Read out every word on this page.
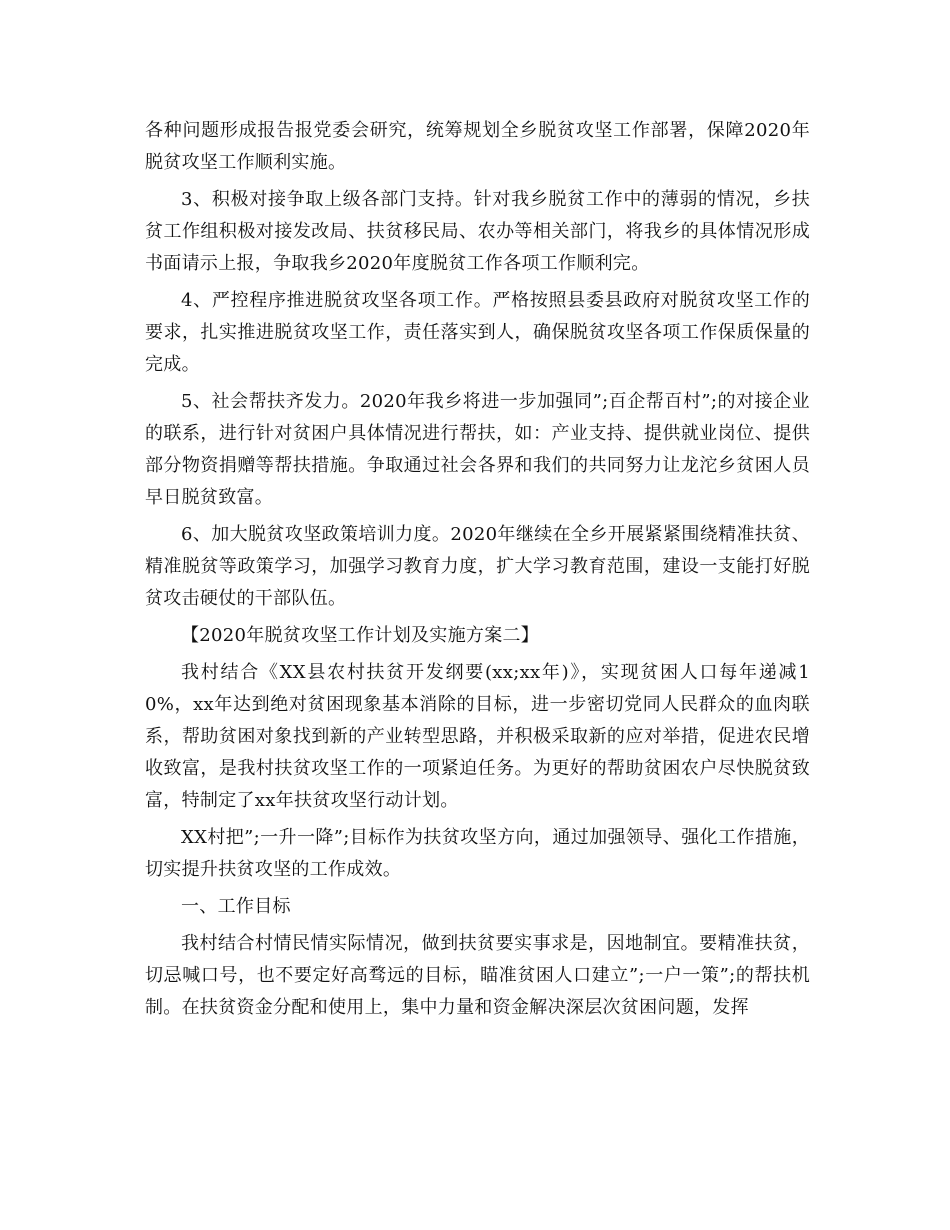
各种问题形成报告报党委会研究，统筹规划全乡脱贫攻坚工作部署，保障2020年脱贫攻坚工作顺利实施。

3、积极对接争取上级各部门支持。针对我乡脱贫工作中的薄弱的情况，乡扶贫工作组积极对接发改局、扶贫移民局、农办等相关部门，将我乡的具体情况形成书面请示上报，争取我乡2020年度脱贫工作各项工作顺利完。

4、严控程序推进脱贫攻坚各项工作。严格按照县委县政府对脱贫攻坚工作的要求，扎实推进脱贫攻坚工作，责任落实到人，确保脱贫攻坚各项工作保质保量的完成。

5、社会帮扶齐发力。2020年我乡将进一步加强同”;百企帮百村”;的对接企业的联系，进行针对贫困户具体情况进行帮扶，如：产业支持、提供就业岗位、提供部分物资捐赠等帮扶措施。争取通过社会各界和我们的共同努力让龙沱乡贫困人员早日脱贫致富。

6、加大脱贫攻坚政策培训力度。2020年继续在全乡开展紧紧围绕精准扶贫、精准脱贫等政策学习，加强学习教育力度，扩大学习教育范围，建设一支能打好脱贫攻击硬仗的干部队伍。

【2020年脱贫攻坚工作计划及实施方案二】

我村结合《XX县农村扶贫开发纲要(xx;xx年)》，实现贫困人口每年递减10%，xx年达到绝对贫困现象基本消除的目标，进一步密切党同人民群众的血肉联系，帮助贫困对象找到新的产业转型思路，并积极采取新的应对举措，促进农民增收致富，是我村扶贫攻坚工作的一项紧迫任务。为更好的帮助贫困农户尽快脱贫致富，特制定了xx年扶贫攻坚行动计划。

XX村把”;一升一降”;目标作为扶贫攻坚方向，通过加强领导、强化工作措施，切实提升扶贫攻坚的工作成效。

一、工作目标

我村结合村情民情实际情况，做到扶贫要实事求是，因地制宜。要精准扶贫，切忌喊口号，也不要定好高骛远的目标，瞄准贫困人口建立”;一户一策”;的帮扶机制。在扶贫资金分配和使用上，集中力量和资金解决深层次贫困问题，发挥
